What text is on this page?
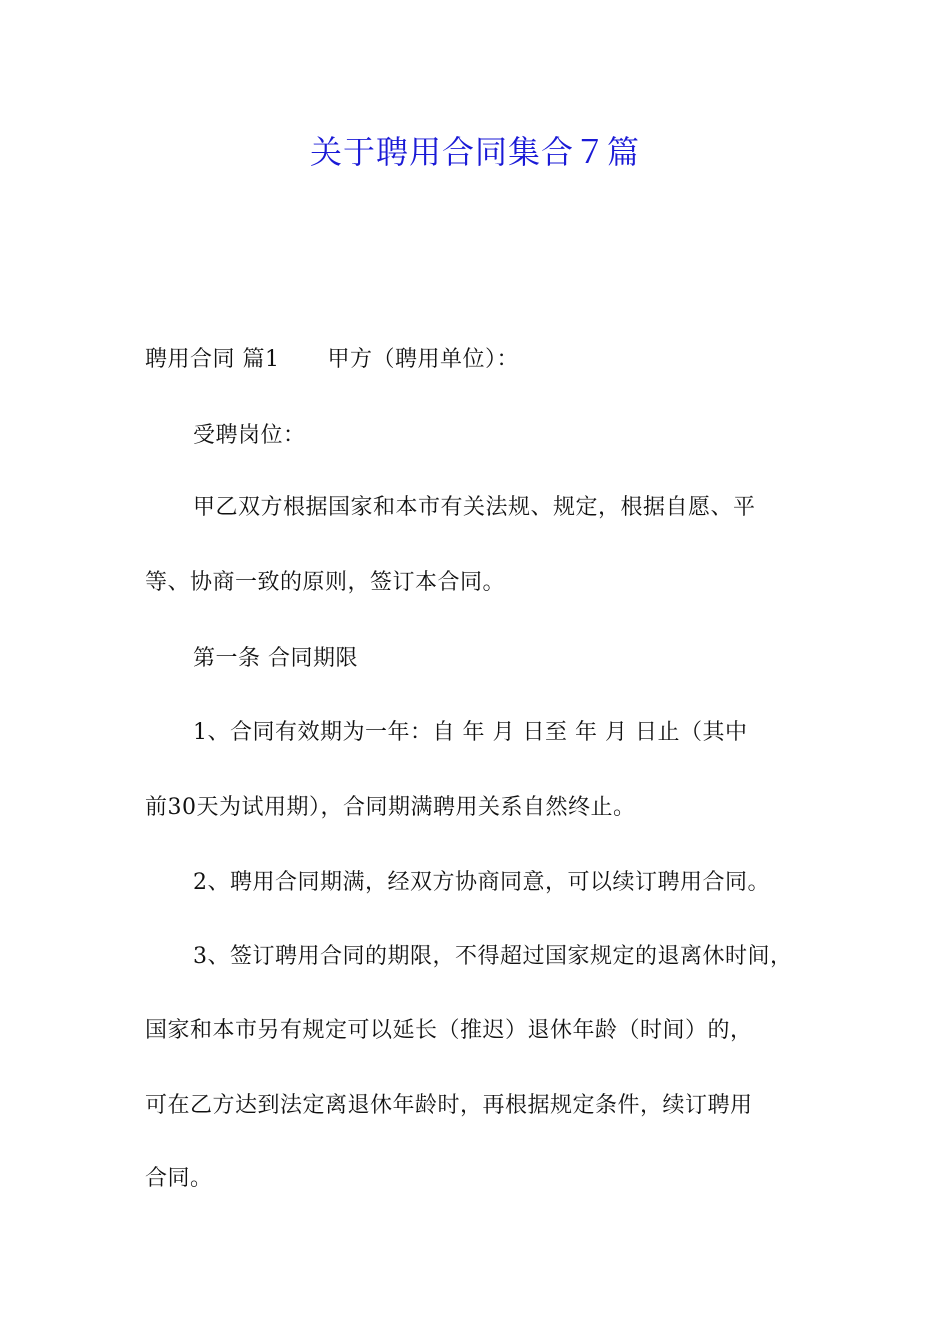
关于聘用合同集合７篇
聘用合同 篇1 甲方（聘用单位）：
受聘岗位：
甲乙双方根据国家和本市有关法规、规定，根据自愿、平
等、协商一致的原则，签订本合同。
第一条 合同期限
1、合同有效期为一年：自 年 月 日至 年 月 日止（其中
前30天为试用期），合同期满聘用关系自然终止。
2、聘用合同期满，经双方协商同意，可以续订聘用合同。
3、签订聘用合同的期限，不得超过国家规定的退离休时间，
国家和本市另有规定可以延长（推迟）退休年龄（时间）的，
可在乙方达到法定离退休年龄时，再根据规定条件，续订聘用
合同。
